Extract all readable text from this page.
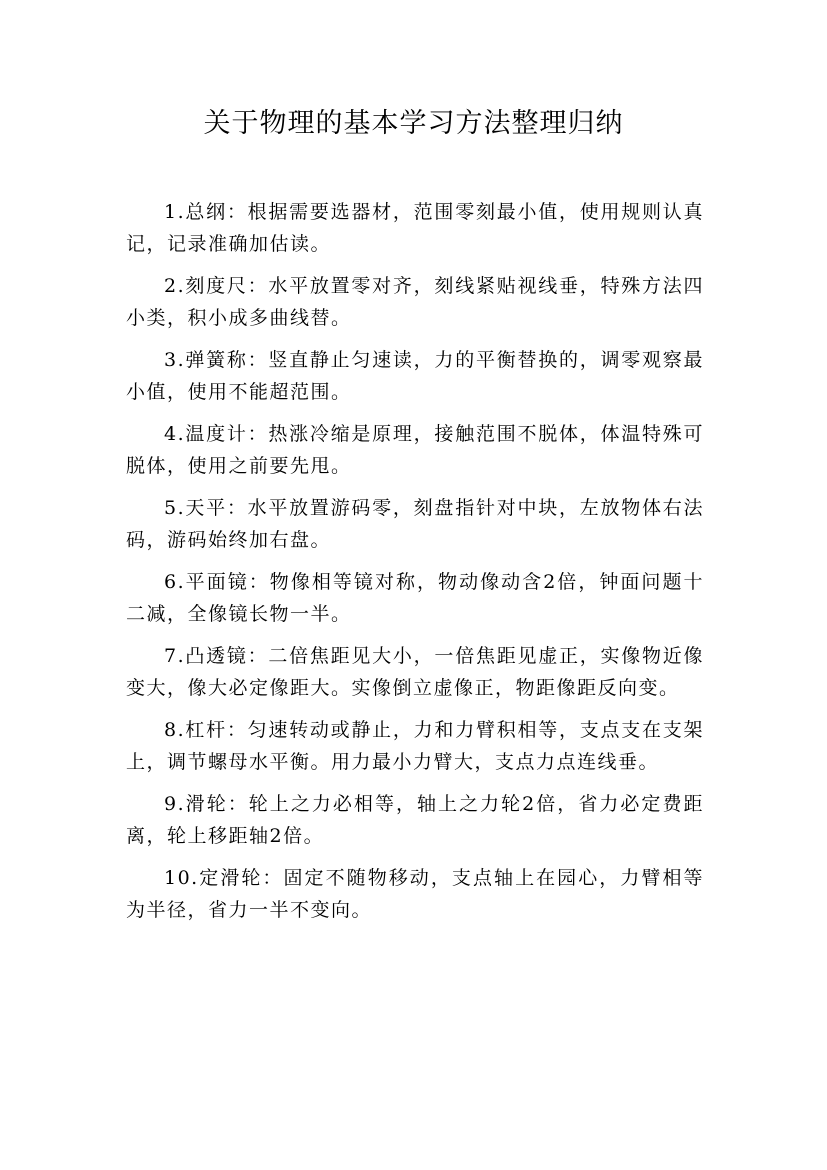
关于物理的基本学习方法整理归纳

1.总纲：根据需要选器材，范围零刻最小值，使用规则认真记，记录准确加估读。

2.刻度尺：水平放置零对齐，刻线紧贴视线垂，特殊方法四小类，积小成多曲线替。

3.弹簧称：竖直静止匀速读，力的平衡替换的，调零观察最小值，使用不能超范围。

4.温度计：热涨冷缩是原理，接触范围不脱体，体温特殊可脱体，使用之前要先甩。

5.天平：水平放置游码零，刻盘指针对中块，左放物体右法码，游码始终加右盘。

6.平面镜：物像相等镜对称，物动像动含2倍，钟面问题十二减，全像镜长物一半。

7.凸透镜：二倍焦距见大小，一倍焦距见虚正，实像物近像变大，像大必定像距大。实像倒立虚像正，物距像距反向变。

8.杠杆：匀速转动或静止，力和力臂积相等，支点支在支架上，调节螺母水平衡。用力最小力臂大，支点力点连线垂。

9.滑轮：轮上之力必相等，轴上之力轮2倍，省力必定费距离，轮上移距轴2倍。

10.定滑轮：固定不随物移动，支点轴上在园心，力臂相等为半径，省力一半不变向。
